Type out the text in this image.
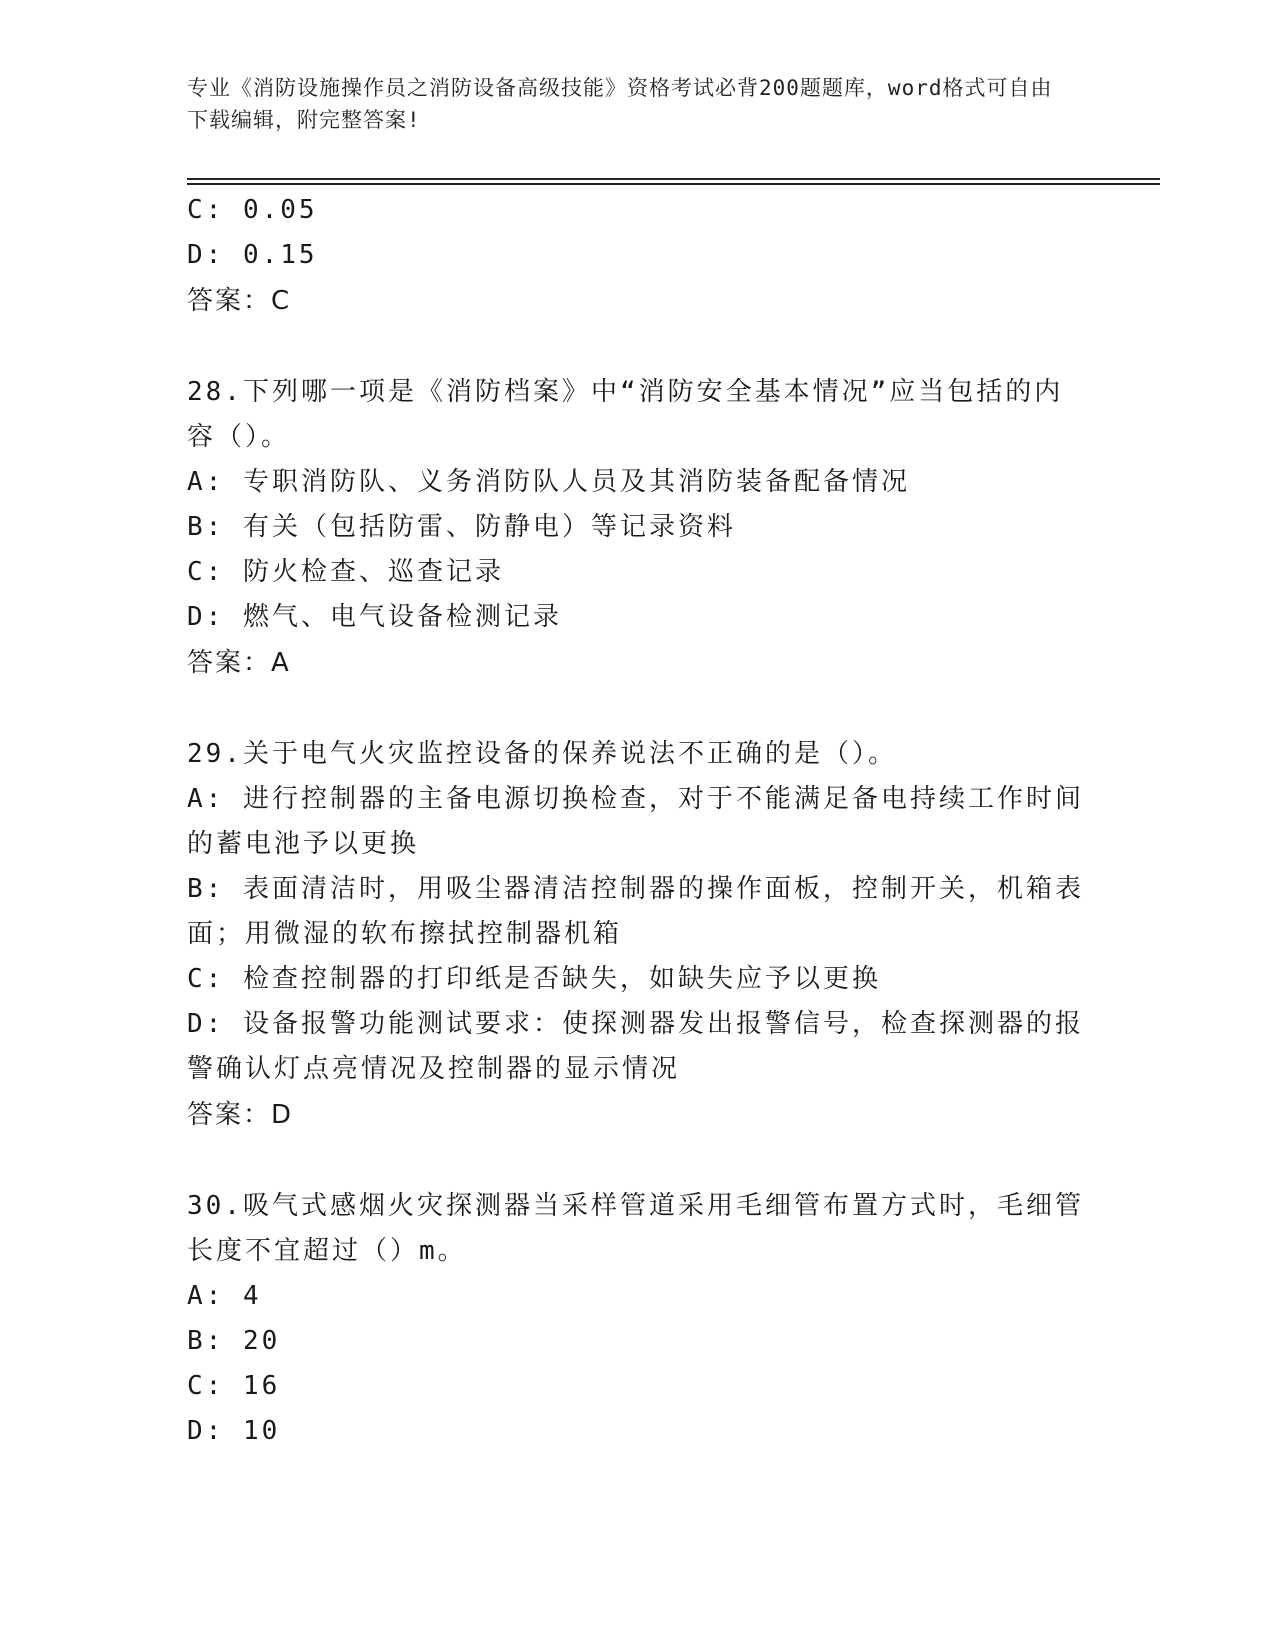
专业《消防设施操作员之消防设备高级技能》资格考试必背200题题库，word格式可自由下载编辑，附完整答案!
C: 0.05
D: 0.15
答案：C
28.下列哪一项是《消防档案》中“消防安全基本情况”应当包括的内
容（）。
A: 专职消防队、义务消防队人员及其消防装备配备情况
B: 有关（包括防雷、防静电）等记录资料
C: 防火检查、巡查记录
D: 燃气、电气设备检测记录
答案：A
29.关于电气火灾监控设备的保养说法不正确的是（）。
A: 进行控制器的主备电源切换检查，对于不能满足备电持续工作时间
的蓄电池予以更换
B: 表面清洁时，用吸尘器清洁控制器的操作面板，控制开关，机箱表
面；用微湿的软布擦拭控制器机箱
C: 检查控制器的打印纸是否缺失，如缺失应予以更换
D: 设备报警功能测试要求：使探测器发出报警信号，检查探测器的报
警确认灯点亮情况及控制器的显示情况
答案：D
30.吸气式感烟火灾探测器当采样管道采用毛细管布置方式时，毛细管
长度不宜超过（）m。
A: 4
B: 20
C: 16
D: 10
